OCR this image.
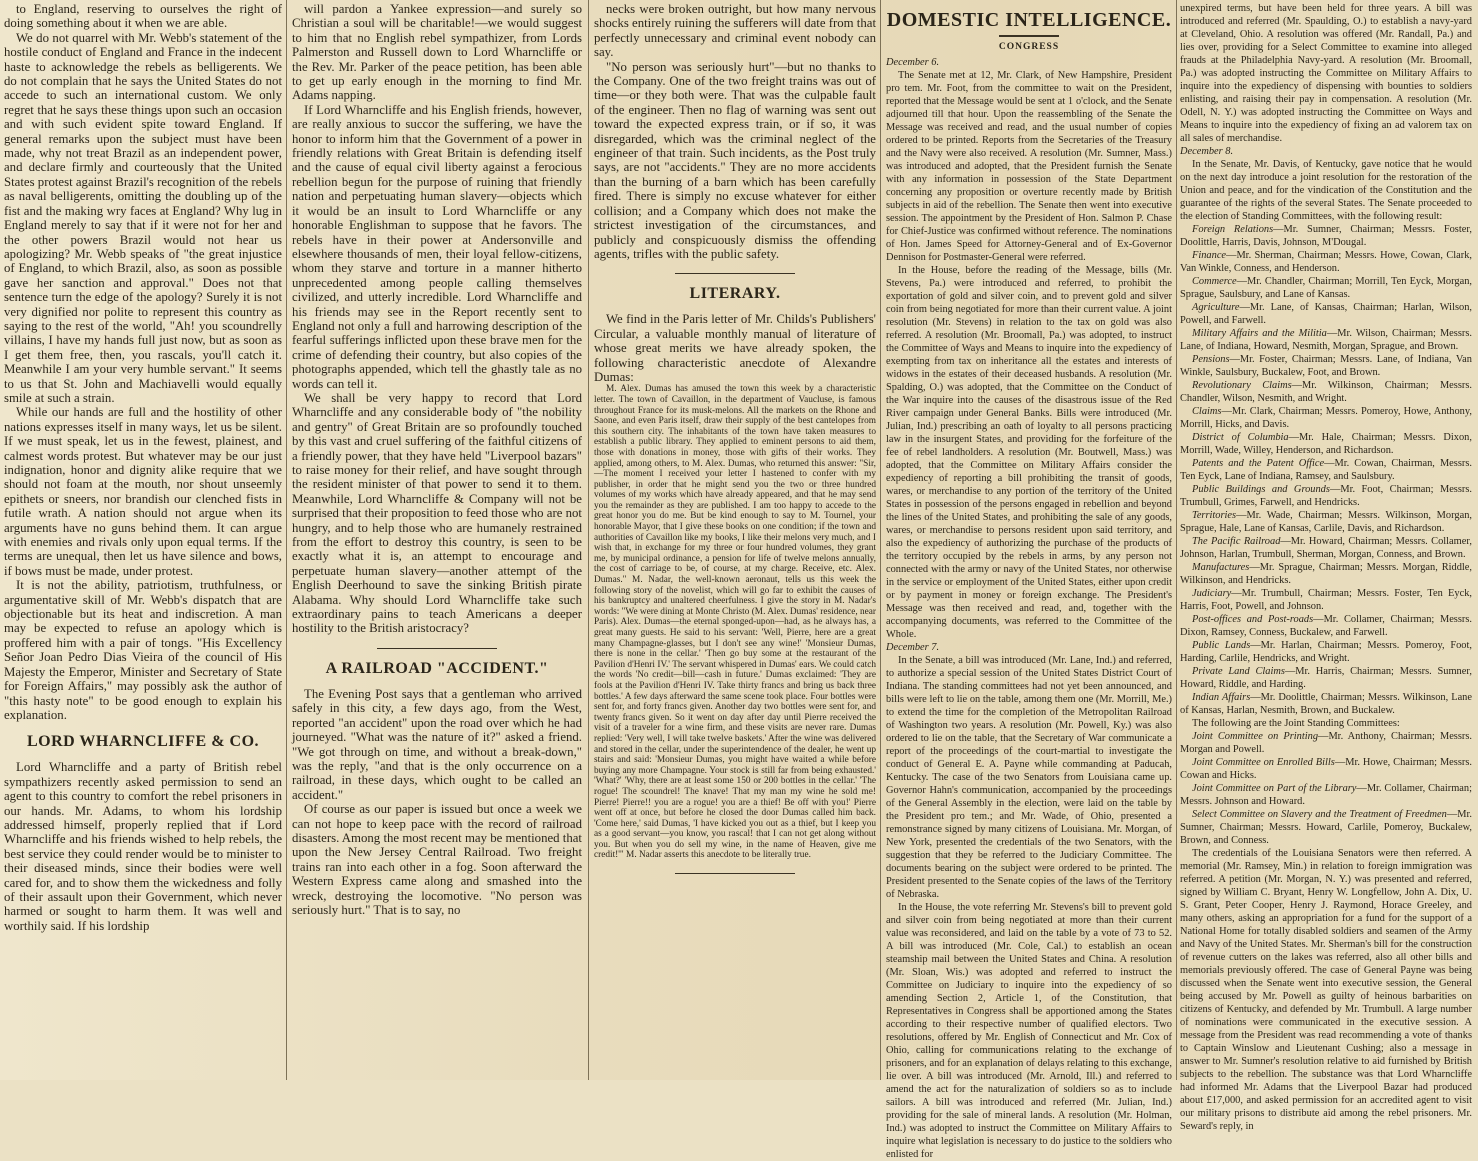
to England, reserving to ourselves the right of doing something about it when we are able.

We do not quarrel with Mr. Webb's statement of the hostile conduct of England and France in the indecent haste to acknowledge the rebels as belligerents. We do not complain that he says the United States do not accede to such an international custom. We only regret that he says these things upon such an occasion and with such evident spite toward England. If general remarks upon the subject must have been made, why not treat Brazil as an independent power, and declare firmly and courteously that the United States protest against Brazil's recognition of the rebels as naval belligerents, omitting the doubling up of the fist and the making wry faces at England? Why lug in England merely to say that if it were not for her and the other powers Brazil would not hear us apologizing? Mr. Webb speaks of "the great injustice of England, to which Brazil, also, as soon as possible gave her sanction and approval." Does not that sentence turn the edge of the apology? Surely it is not very dignified nor polite to represent this country as saying to the rest of the world, "Ah! you scoundrelly villains, I have my hands full just now, but as soon as I get them free, then, you rascals, you'll catch it. Meanwhile I am your very humble servant." It seems to us that St. John and Machiavelli would equally smile at such a strain.

While our hands are full and the hostility of other nations expresses itself in many ways, let us be silent. If we must speak, let us in the fewest, plainest, and calmest words protest. But whatever may be our just indignation, honor and dignity alike require that we should not foam at the mouth, nor shout unseemly epithets or sneers, nor brandish our clenched fists in futile wrath. A nation should not argue when its arguments have no guns behind them. It can argue with enemies and rivals only upon equal terms. If the terms are unequal, then let us have silence and bows, if bows must be made, under protest.

It is not the ability, patriotism, truthfulness, or argumentative skill of Mr. Webb's dispatch that are objectionable but its heat and indiscretion. A man may be expected to refuse an apology which is proffered him with a pair of tongs. "His Excellency Señor Joan Pedro Dias Vieira of the council of His Majesty the Emperor, Minister and Secretary of State for Foreign Affairs," may possibly ask the author of "this hasty note" to be good enough to explain his explanation.

LORD WHARNCLIFFE & CO.

Lord Wharncliffe and a party of British rebel sympathizers recently asked permission to send an agent to this country to comfort the rebel prisoners in our hands. Mr. Adams, to whom his lordship addressed himself, properly replied that if Lord Wharncliffe and his friends wished to help rebels, the best service they could render would be to minister to their diseased minds, since their bodies were well cared for, and to show them the wickedness and folly of their assault upon their Government, which never harmed or sought to harm them. It was well and worthily said. If his lordship

will pardon a Yankee expression—and surely so Christian a soul will be charitable!—we would suggest to him that no English rebel sympathizer, from Lords Palmerston and Russell down to Lord Wharncliffe or the Rev. Mr. Parker of the peace petition, has been able to get up early enough in the morning to find Mr. Adams napping.

If Lord Wharncliffe and his English friends, however, are really anxious to succor the suffering, we have the honor to inform him that the Government of a power in friendly relations with Great Britain is defending itself and the cause of equal civil liberty against a ferocious rebellion begun for the purpose of ruining that friendly nation and perpetuating human slavery—objects which it would be an insult to Lord Wharncliffe or any honorable Englishman to suppose that he favors. The rebels have in their power at Andersonville and elsewhere thousands of men, their loyal fellow-citizens, whom they starve and torture in a manner hitherto unprecedented among people calling themselves civilized, and utterly incredible. Lord Wharncliffe and his friends may see in the Report recently sent to England not only a full and harrowing description of the fearful sufferings inflicted upon these brave men for the crime of defending their country, but also copies of the photographs appended, which tell the ghastly tale as no words can tell it.

We shall be very happy to record that Lord Wharncliffe and any considerable body of "the nobility and gentry" of Great Britain are so profoundly touched by this vast and cruel suffering of the faithful citizens of a friendly power, that they have held "Liverpool bazars" to raise money for their relief, and have sought through the resident minister of that power to send it to them. Meanwhile, Lord Wharncliffe & Company will not be surprised that their proposition to feed those who are not hungry, and to help those who are humanely restrained from the effort to destroy this country, is seen to be exactly what it is, an attempt to encourage and perpetuate human slavery—another attempt of the English Deerhound to save the sinking British pirate Alabama. Why should Lord Wharncliffe take such extraordinary pains to teach Americans a deeper hostility to the British aristocracy?

A RAILROAD "ACCIDENT."

The Evening Post says that a gentleman who arrived safely in this city, a few days ago, from the West, reported "an accident" upon the road over which he had journeyed. "What was the nature of it?" asked a friend. "We got through on time, and without a break-down," was the reply, "and that is the only occurrence on a railroad, in these days, which ought to be called an accident."

Of course as our paper is issued but once a week we can not hope to keep pace with the record of railroad disasters. Among the most recent may be mentioned that upon the New Jersey Central Railroad. Two freight trains ran into each other in a fog. Soon afterward the Western Express came along and smashed into the wreck, destroying the locomotive. "No person was seriously hurt." That is to say, no

necks were broken outright, but how many nervous shocks entirely ruining the sufferers will date from that perfectly unnecessary and criminal event nobody can say.

"No person was seriously hurt"—but no thanks to the Company. One of the two freight trains was out of time—or they both were. That was the culpable fault of the engineer. Then no flag of warning was sent out toward the expected express train, or if so, it was disregarded, which was the criminal neglect of the engineer of that train. Such incidents, as the Post truly says, are not "accidents." They are no more accidents than the burning of a barn which has been carefully fired. There is simply no excuse whatever for either collision; and a Company which does not make the strictest investigation of the circumstances, and publicly and conspicuously dismiss the offending agents, trifles with the public safety.

LITERARY.

We find in the Paris letter of Mr. Childs's Publishers' Circular, a valuable monthly manual of literature of whose great merits we have already spoken, the following characteristic anecdote of Alexandre Dumas:

M. Alex. Dumas has amused the town this week by a characteristic letter. The town of Cavaillon, in the department of Vaucluse, is famous throughout France for its musk-melons. All the markets on the Rhone and Saone, and even Paris itself, draw their supply of the best cantelopes from this southern city. The inhabitants of the town have taken measures to establish a public library. They applied to eminent persons to aid them, those with donations in money, those with gifts of their works. They applied, among others, to M. Alex. Dumas, who returned this answer: "Sir,—The moment I received your letter I hastened to confer with my publisher, in order that he might send you the two or three hundred volumes of my works which have already appeared, and that he may send you the remainder as they are published. I am too happy to accede to the great honor you do me. But be kind enough to say to M. Tournel, your honorable Mayor, that I give these books on one condition; if the town and authorities of Cavaillon like my books, I like their melons very much, and I wish that, in exchange for my three or four hundred volumes, they grant me, by municipal ordinance, a pension for life of twelve melons annually, the cost of carriage to be, of course, at my charge. Receive, etc. Alex. Dumas." M. Nadar, the well-known aeronaut, tells us this week the following story of the novelist, which will go far to exhibit the causes of his bankruptcy and unaltered cheerfulness. I give the story in M. Nadar's words: "We were dining at Monte Christo (M. Alex. Dumas' residence, near Paris). Alex. Dumas—the eternal sponged-upon—had, as he always has, a great many guests. He said to his servant: 'Well, Pierre, here are a great many Champagne-glasses, but I don't see any wine!' 'Monsieur Dumas, there is none in the cellar.' 'Then go buy some at the restaurant of the Pavilion d'Henri IV.' The servant whispered in Dumas' ears. We could catch the words 'No credit—bill—cash in future.' Dumas exclaimed: 'They are fools at the Pavilion d'Henri IV. Take thirty francs and bring us back three bottles.' A few days afterward the same scene took place. Four bottles were sent for, and forty francs given. Another day two bottles were sent for, and twenty francs given. So it went on day after day until Pierre received the visit of a traveler for a wine firm, and these visits are never rare. Dumas replied: 'Very well, I will take twelve baskets.' After the wine was delivered and stored in the cellar, under the superintendence of the dealer, he went up stairs and said: 'Monsieur Dumas, you might have waited a while before buying any more Champagne. Your stock is still far from being exhausted.' 'What?' 'Why, there are at least some 150 or 200 bottles in the cellar.' 'The rogue! The scoundrel! The knave! That my man my wine he sold me! Pierre! Pierre!! you are a rogue! you are a thief! Be off with you!' Pierre went off at once, but before he closed the door Dumas called him back. 'Come here,' said Dumas, 'I have kicked you out as a thief, but I keep you as a good servant—you know, you rascal! that I can not get along without you. But when you do sell my wine, in the name of Heaven, give me credit!'" M. Nadar asserts this anecdote to be literally true.

DOMESTIC INTELLIGENCE.
CONGRESS

December 6.

The Senate met at 12, Mr. Clark, of New Hampshire, President pro tem. Mr. Foot, from the committee to wait on the President, reported that the Message would be sent at 1 o'clock, and the Senate adjourned till that hour. Upon the reassembling of the Senate the Message was received and read, and the usual number of copies ordered to be printed. Reports from the Secretaries of the Treasury and the Navy were also received. A resolution (Mr. Sumner, Mass.) was introduced and adopted, that the President furnish the Senate with any information in possession of the State Department concerning any proposition or overture recently made by British subjects in aid of the rebellion. The Senate then went into executive session. The appointment by the President of Hon. Salmon P. Chase for Chief-Justice was confirmed without reference. The nominations of Hon. James Speed for Attorney-General and of Ex-Governor Dennison for Postmaster-General were referred.

In the House, before the reading of the Message, bills (Mr. Stevens, Pa.) were introduced and referred, to prohibit the exportation of gold and silver coin, and to prevent gold and silver coin from being negotiated for more than their current value. A joint resolution (Mr. Stevens) in relation to the tax on gold was also referred. A resolution (Mr. Broomall, Pa.) was adopted, to instruct the Committee of Ways and Means to inquire into the expediency of exempting from tax on inheritance all the estates and interests of widows in the estates of their deceased husbands. A resolution (Mr. Spalding, O.) was adopted, that the Committee on the Conduct of the War inquire into the causes of the disastrous issue of the Red River campaign under General Banks. Bills were introduced (Mr. Julian, Ind.) prescribing an oath of loyalty to all persons practicing law in the insurgent States, and providing for the forfeiture of the fee of rebel landholders. A resolution (Mr. Boutwell, Mass.) was adopted, that the Committee on Military Affairs consider the expediency of reporting a bill prohibiting the transit of goods, wares, or merchandise to any portion of the territory of the United States in possession of the persons engaged in rebellion and beyond the lines of the United States, and prohibiting the sale of any goods, wares, or merchandise to persons resident upon said territory, and also the expediency of authorizing the purchase of the products of the territory occupied by the rebels in arms, by any person not connected with the army or navy of the United States, nor otherwise in the service or employment of the United States, either upon credit or by payment in money or foreign exchange. The President's Message was then received and read, and, together with the accompanying documents, was referred to the Committee of the Whole.

December 7.

In the Senate, a bill was introduced (Mr. Lane, Ind.) and referred, to authorize a special session of the United States District Court of Indiana. The standing committees had not yet been announced, and bills were left to lie on the table, among them one (Mr. Morrill, Me.) to extend the time for the completion of the Metropolitan Railroad of Washington two years. A resolution (Mr. Powell, Ky.) was also ordered to lie on the table, that the Secretary of War communicate a report of the proceedings of the court-martial to investigate the conduct of General E. A. Payne while commanding at Paducah, Kentucky. The case of the two Senators from Louisiana came up. Governor Hahn's communication, accompanied by the proceedings of the General Assembly in the election, were laid on the table by the President pro tem.; and Mr. Wade, of Ohio, presented a remonstrance signed by many citizens of Louisiana. Mr. Morgan, of New York, presented the credentials of the two Senators, with the suggestion that they be referred to the Judiciary Committee. The documents bearing on the subject were ordered to be printed. The President presented to the Senate copies of the laws of the Territory of Nebraska.

In the House, the vote referring Mr. Stevens's bill to prevent gold and silver coin from being negotiated at more than their current value was reconsidered, and laid on the table by a vote of 73 to 52. A bill was introduced (Mr. Cole, Cal.) to establish an ocean steamship mail between the United States and China. A resolution (Mr. Sloan, Wis.) was adopted and referred to instruct the Committee on Judiciary to inquire into the expediency of so amending Section 2, Article 1, of the Constitution, that Representatives in Congress shall be apportioned among the States according to their respective number of qualified electors. Two resolutions, offered by Mr. English of Connecticut and Mr. Cox of Ohio, calling for communications relating to the exchange of prisoners, and for an explanation of delays relating to this exchange, lie over. A bill was introduced (Mr. Arnold, Ill.) and referred to amend the act for the naturalization of soldiers so as to include sailors. A bill was introduced and referred (Mr. Julian, Ind.) providing for the sale of mineral lands. A resolution (Mr. Holman, Ind.) was adopted to instruct the Committee on Military Affairs to inquire what legislation is necessary to do justice to the soldiers who enlisted for

unexpired terms, but have been held for three years. A bill was introduced and referred (Mr. Spaulding, O.) to establish a navy-yard at Cleveland, Ohio. A resolution was offered (Mr. Randall, Pa.) and lies over, providing for a Select Committee to examine into alleged frauds at the Philadelphia Navy-yard. A resolution (Mr. Broomall, Pa.) was adopted instructing the Committee on Military Affairs to inquire into the expediency of dispensing with bounties to soldiers enlisting, and raising their pay in compensation. A resolution (Mr. Odell, N. Y.) was adopted instructing the Committee on Ways and Means to inquire into the expediency of fixing an ad valorem tax on all sales of merchandise.

December 8.

In the Senate, Mr. Davis, of Kentucky, gave notice that he would on the next day introduce a joint resolution for the restoration of the Union and peace, and for the vindication of the Constitution and the guarantee of the rights of the several States. The Senate proceeded to the election of Standing Committees, with the following result:

Foreign Relations—Mr. Sumner, Chairman; Messrs. Foster, Doolittle, Harris, Davis, Johnson, M'Dougal.

Finance—Mr. Sherman, Chairman; Messrs. Howe, Cowan, Clark, Van Winkle, Conness, and Henderson.

Commerce—Mr. Chandler, Chairman; Morrill, Ten Eyck, Morgan, Sprague, Saulsbury, and Lane of Kansas.

Agriculture—Mr. Lane, of Kansas, Chairman; Harlan, Wilson, Powell, and Farwell.

Military Affairs and the Militia—Mr. Wilson, Chairman; Messrs. Lane, of Indiana, Howard, Nesmith, Morgan, Sprague, and Brown.

Pensions—Mr. Foster, Chairman; Messrs. Lane, of Indiana, Van Winkle, Saulsbury, Buckalew, Foot, and Brown.

Revolutionary Claims—Mr. Wilkinson, Chairman; Messrs. Chandler, Wilson, Nesmith, and Wright.

Claims—Mr. Clark, Chairman; Messrs. Pomeroy, Howe, Anthony, Morrill, Hicks, and Davis.

District of Columbia—Mr. Hale, Chairman; Messrs. Dixon, Morrill, Wade, Willey, Henderson, and Richardson.

Patents and the Patent Office—Mr. Cowan, Chairman, Messrs. Ten Eyck, Lane of Indiana, Ramsey, and Saulsbury.

Public Buildings and Grounds—Mr. Foot, Chairman; Messrs. Trumbull, Grimes, Farwell, and Hendricks.

Territories—Mr. Wade, Chairman; Messrs. Wilkinson, Morgan, Sprague, Hale, Lane of Kansas, Carlile, Davis, and Richardson.

The Pacific Railroad—Mr. Howard, Chairman; Messrs. Collamer, Johnson, Harlan, Trumbull, Sherman, Morgan, Conness, and Brown.

Manufactures—Mr. Sprague, Chairman; Messrs. Morgan, Riddle, Wilkinson, and Hendricks.

Judiciary—Mr. Trumbull, Chairman; Messrs. Foster, Ten Eyck, Harris, Foot, Powell, and Johnson.

Post-offices and Post-roads—Mr. Collamer, Chairman; Messrs. Dixon, Ramsey, Conness, Buckalew, and Farwell.

Public Lands—Mr. Harlan, Chairman; Messrs. Pomeroy, Foot, Harding, Carlile, Hendricks, and Wright.

Private Land Claims—Mr. Harris, Chairman; Messrs. Sumner, Howard, Riddle, and Harding.

Indian Affairs—Mr. Doolittle, Chairman; Messrs. Wilkinson, Lane of Kansas, Harlan, Nesmith, Brown, and Buckalew.

The following are the Joint Standing Committees:

Joint Committee on Printing—Mr. Anthony, Chairman; Messrs. Morgan and Powell.

Joint Committee on Enrolled Bills—Mr. Howe, Chairman; Messrs. Cowan and Hicks.

Joint Committee on Part of the Library—Mr. Collamer, Chairman; Messrs. Johnson and Howard.

Select Committee on Slavery and the Treatment of Freedmen—Mr. Sumner, Chairman; Messrs. Howard, Carlile, Pomeroy, Buckalew, Brown, and Conness.

The credentials of the Louisiana Senators were then referred. A memorial (Mr. Ramsey, Min.) in relation to foreign immigration was referred. A petition (Mr. Morgan, N. Y.) was presented and referred, signed by William C. Bryant, Henry W. Longfellow, John A. Dix, U. S. Grant, Peter Cooper, Henry J. Raymond, Horace Greeley, and many others, asking an appropriation for a fund for the support of a National Home for totally disabled soldiers and seamen of the Army and Navy of the United States. Mr. Sherman's bill for the construction of revenue cutters on the lakes was referred, also all other bills and memorials previously offered. The case of General Payne was being discussed when the Senate went into executive session, the General being accused by Mr. Powell as guilty of heinous barbarities on citizens of Kentucky, and defended by Mr. Trumbull. A large number of nominations were communicated in the executive session. A message from the President was read recommending a vote of thanks to Captain Winslow and Lieutenant Cushing; also a message in answer to Mr. Sumner's resolution relative to aid furnished by British subjects to the rebellion. The substance was that Lord Wharncliffe had informed Mr. Adams that the Liverpool Bazar had produced about £17,000, and asked permission for an accredited agent to visit our military prisons to distribute aid among the rebel prisoners. Mr. Seward's reply, in
